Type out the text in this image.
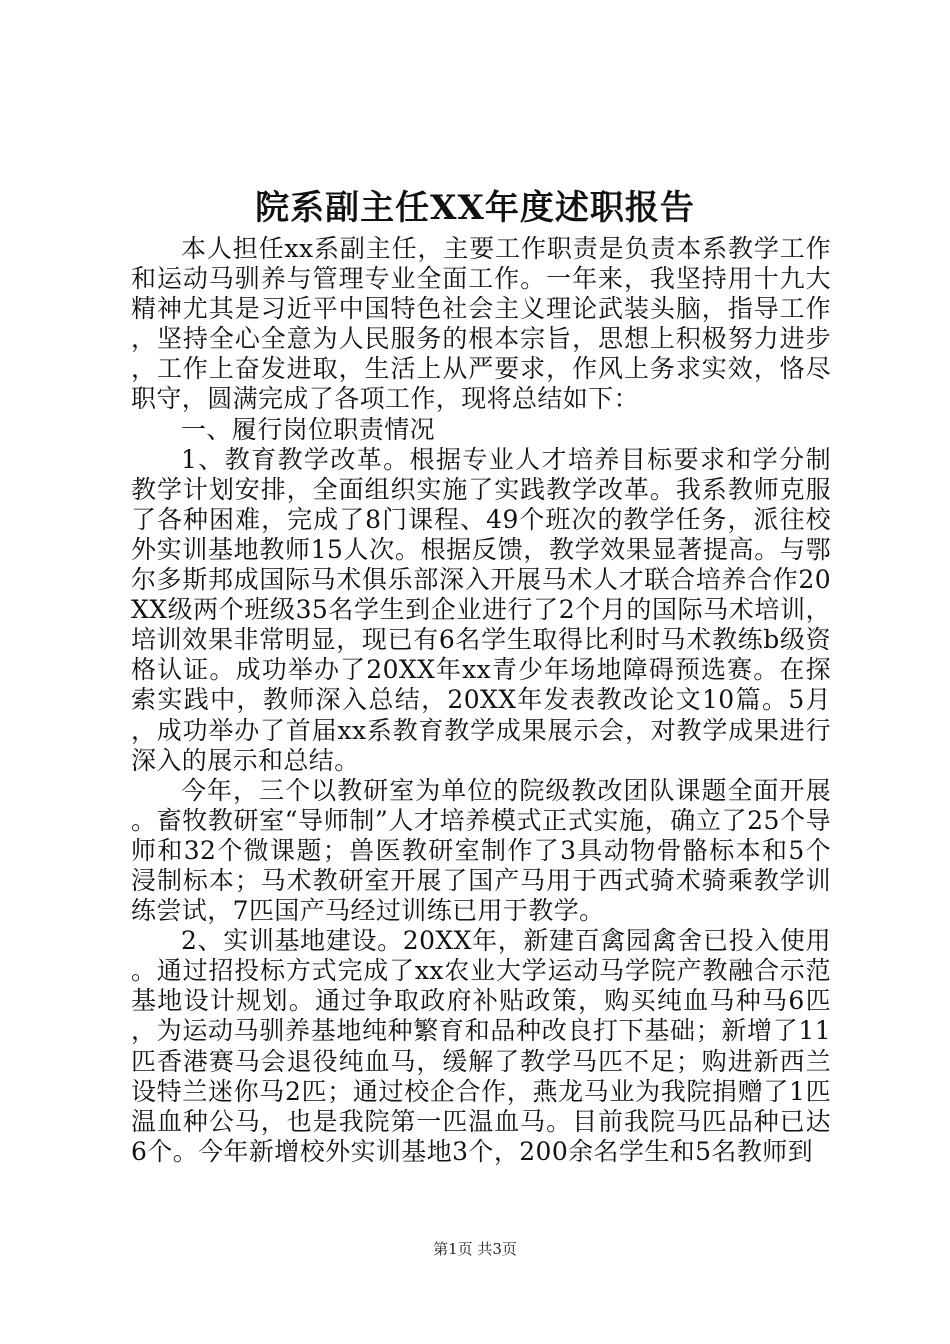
院系副主任XX年度述职报告

本人担任xx系副主任，主要工作职责是负责本系教学工作和运动马驯养与管理专业全面工作。一年来，我坚持用十九大精神尤其是习近平中国特色社会主义理论武装头脑，指导工作，坚持全心全意为人民服务的根本宗旨，思想上积极努力进步，工作上奋发进取，生活上从严要求，作风上务求实效，恪尽职守，圆满完成了各项工作，现将总结如下：

一、履行岗位职责情况

1、教育教学改革。根据专业人才培养目标要求和学分制教学计划安排，全面组织实施了实践教学改革。我系教师克服了各种困难，完成了8门课程、49个班次的教学任务，派往校外实训基地教师15人次。根据反馈，教学效果显著提高。与鄂尔多斯邦成国际马术俱乐部深入开展马术人才联合培养合作20XX级两个班级35名学生到企业进行了2个月的国际马术培训，培训效果非常明显，现已有6名学生取得比利时马术教练b级资格认证。成功举办了20XX年xx青少年场地障碍预选赛。在探索实践中，教师深入总结，20XX年发表教改论文10篇。5月，成功举办了首届xx系教育教学成果展示会，对教学成果进行深入的展示和总结。

今年，三个以教研室为单位的院级教改团队课题全面开展。畜牧教研室“导师制”人才培养模式正式实施，确立了25个导师和32个微课题；兽医教研室制作了3具动物骨骼标本和5个浸制标本；马术教研室开展了国产马用于西式骑术骑乘教学训练尝试，7匹国产马经过训练已用于教学。

2、实训基地建设。20XX年，新建百禽园禽舍已投入使用。通过招投标方式完成了xx农业大学运动马学院产教融合示范基地设计规划。通过争取政府补贴政策，购买纯血马种马6匹，为运动马驯养基地纯种繁育和品种改良打下基础；新增了11匹香港赛马会退役纯血马，缓解了教学马匹不足；购进新西兰设特兰迷你马2匹；通过校企合作，燕龙马业为我院捐赠了1匹温血种公马，也是我院第一匹温血马。目前我院马匹品种已达6个。今年新增校外实训基地3个，200余名学生和5名教师到

第1页 共3页
